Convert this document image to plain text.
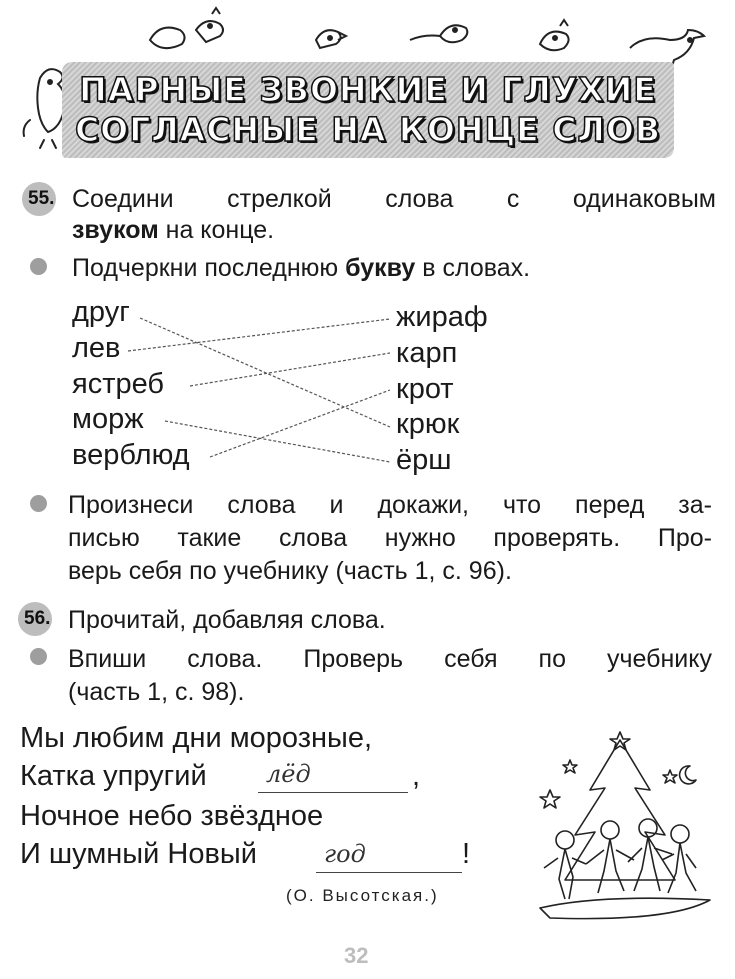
ПАРНЫЕ ЗВОНКИЕ И ГЛУХИЕ
СОГЛАСНЫЕ НА КОНЦЕ СЛОВ
55. Соедини стрелкой слова с одинаковым
звуком на конце.
Подчеркни последнюю букву в словах.
друг
лев
ястреб
морж
верблюд
жираф
карп
крот
крюк
ёрш
Произнеси слова и докажи, что перед за-
писью такие слова нужно проверять. Про-
верь себя по учебнику (часть 1, с. 96).
56. Прочитай, добавляя слова.
Впиши слова. Проверь себя по учебнику
(часть 1, с. 98).
Мы любим дни морозные,
Катка упругий
Ночное небо звёздное
И шумный Новый
лёд	,
год	!
(О. Высотская.)
32
